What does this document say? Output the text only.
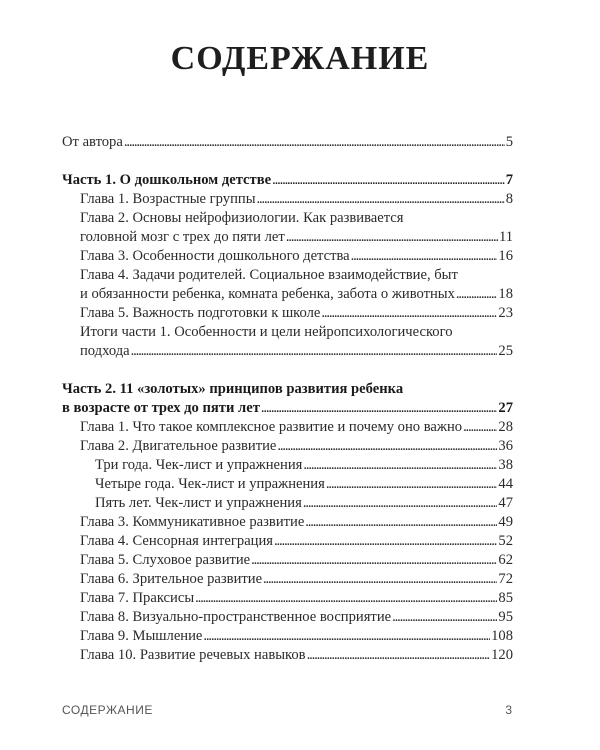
СОДЕРЖАНИЕ
От автора . . .	5
Часть 1. О дошкольном детстве . . .	7
Глава 1. Возрастные группы . . .	8
Глава 2. Основы нейрофизиологии. Как развивается
головной мозг с трех до пяти лет . . .	11
Глава 3. Особенности дошкольного детства . . .	16
Глава 4. Задачи родителей. Социальное взаимодействие, быт
и обязанности ребенка, комната ребенка, забота о животных . . .	18
Глава 5. Важность подготовки к школе . . .	23
Итоги части 1. Особенности и цели нейропсихологического
подхода . . .	25
Часть 2. 11 «золотых» принципов развития ребенка
в возрасте от трех до пяти лет . . .	27
Глава 1. Что такое комплексное развитие и почему оно важно . . . 28
Глава 2. Двигательное развитие . . .	36
Три года. Чек-лист и упражнения . . .	38
Четыре года. Чек-лист и упражнения . . .	44
Пять лет. Чек-лист и упражнения . . .	47
Глава 3. Коммуникативное развитие . . .	49
Глава 4. Сенсорная интеграция . . .	52
Глава 5. Слуховое развитие . . .	62
Глава 6. Зрительное развитие . . .	72
Глава 7. Праксисы . . .	85
Глава 8. Визуально-пространственное восприятие . . .	95
Глава 9. Мышление . . .	108
Глава 10. Развитие речевых навыков . . .	120
СОДЕРЖАНИЕ	3
